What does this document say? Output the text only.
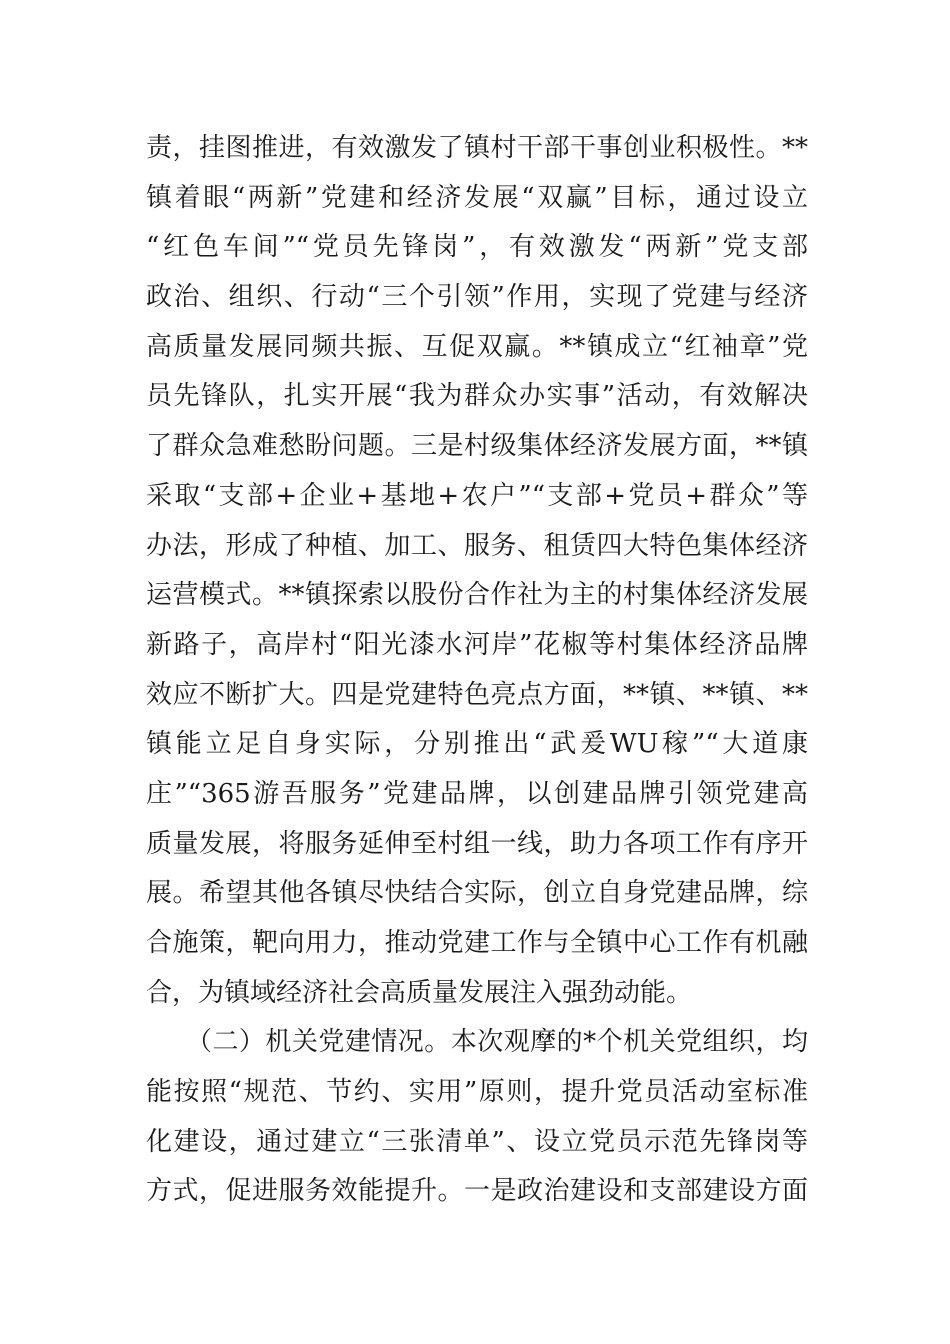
责，挂图推进，有效激发了镇村干部干事创业积极性。**
镇着眼“两新”党建和经济发展“双赢”目标，通过设立
“红色车间”“党员先锋岗”，有效激发“两新”党支部
政治、组织、行动“三个引领”作用，实现了党建与经济
高质量发展同频共振、互促双赢。**镇成立“红袖章”党
员先锋队，扎实开展“我为群众办实事”活动，有效解决
了群众急难愁盼问题。三是村级集体经济发展方面，**镇
采取“支部+企业+基地+农户”“支部+党员+群众”等
办法，形成了种植、加工、服务、租赁四大特色集体经济
运营模式。**镇探索以股份合作社为主的村集体经济发展
新路子，高岸村“阳光漆水河岸”花椒等村集体经济品牌
效应不断扩大。四是党建特色亮点方面，**镇、**镇、**
镇能立足自身实际，分别推出“武爰WU稼”“大道康
庄”“365游吾服务”党建品牌，以创建品牌引领党建高
质量发展，将服务延伸至村组一线，助力各项工作有序开
展。希望其他各镇尽快结合实际，创立自身党建品牌，综
合施策，靶向用力，推动党建工作与全镇中心工作有机融
合，为镇域经济社会高质量发展注入强劲动能。
　　（二）机关党建情况。本次观摩的*个机关党组织，均
能按照“规范、节约、实用”原则，提升党员活动室标准
化建设，通过建立“三张清单”、设立党员示范先锋岗等
方式，促进服务效能提升。一是政治建设和支部建设方面
